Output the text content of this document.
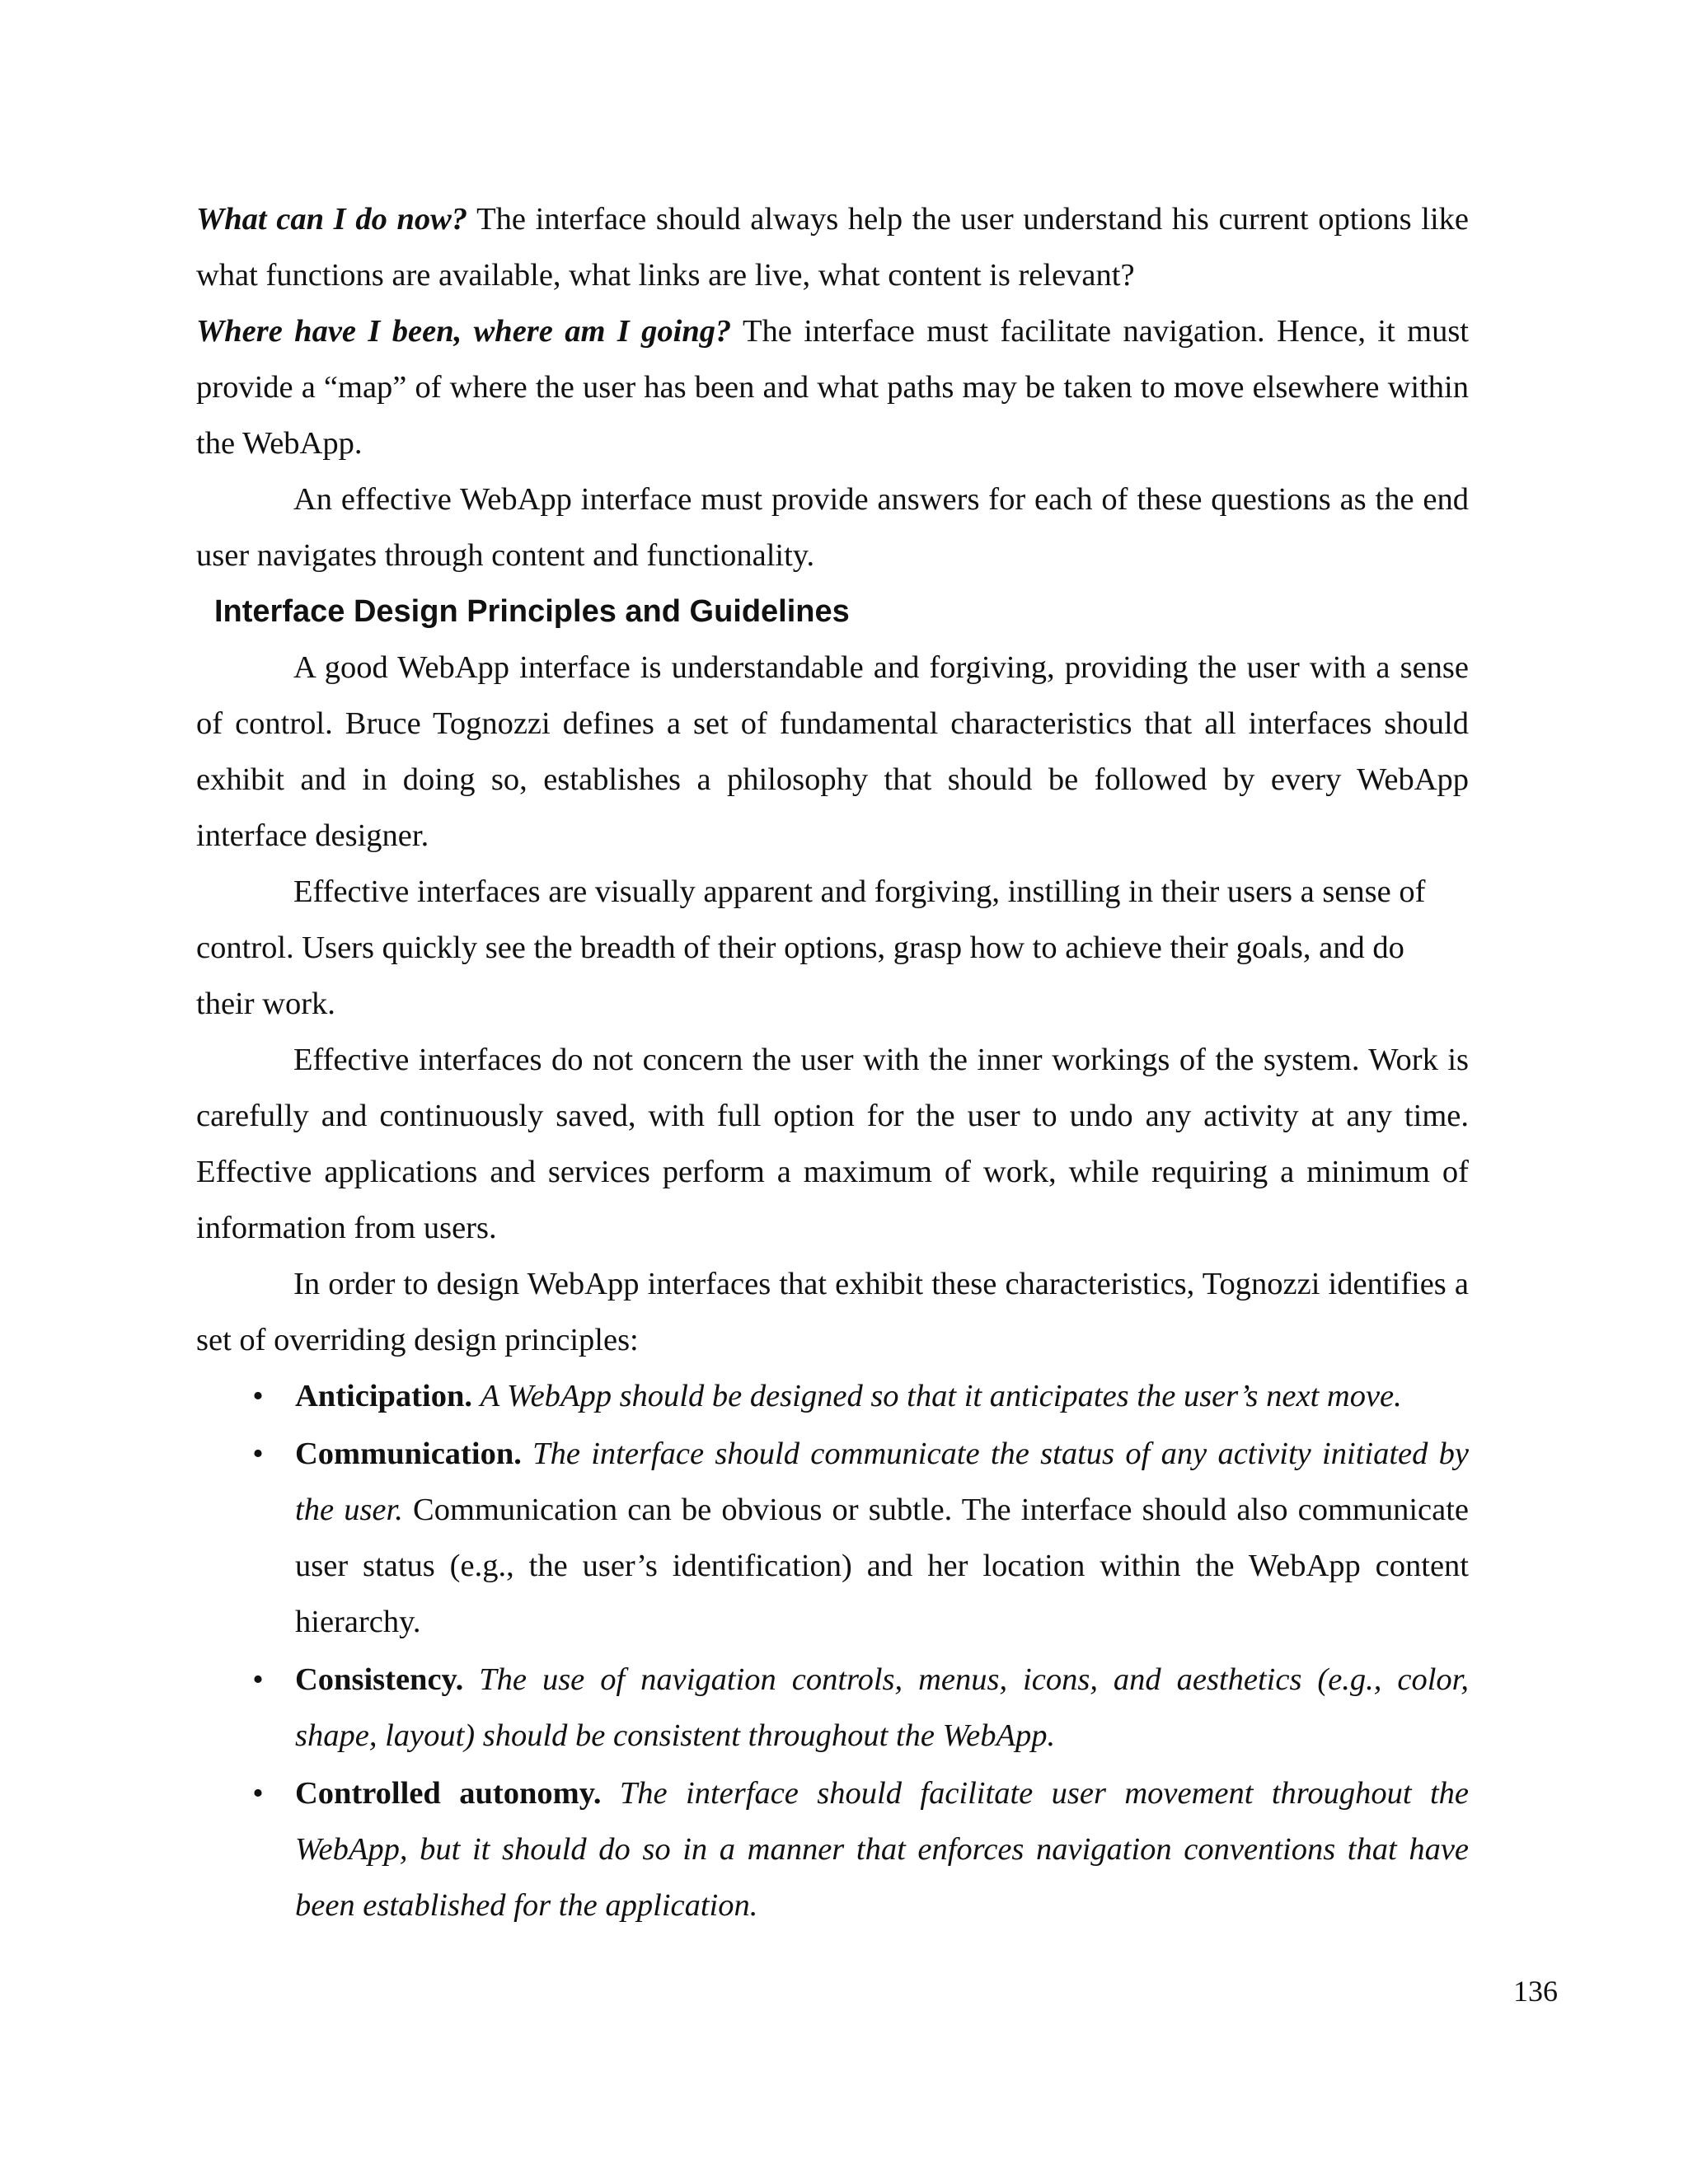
What can I do now? The interface should always help the user understand his current options like what functions are available, what links are live, what content is relevant?

Where have I been, where am I going? The interface must facilitate navigation. Hence, it must provide a “map” of where the user has been and what paths may be taken to move elsewhere within the WebApp.

An effective WebApp interface must provide answers for each of these questions as the end user navigates through content and functionality.

Interface Design Principles and Guidelines

A good WebApp interface is understandable and forgiving, providing the user with a sense of control. Bruce Tognozzi defines a set of fundamental characteristics that all interfaces should exhibit and in doing so, establishes a philosophy that should be followed by every WebApp interface designer.

Effective interfaces are visually apparent and forgiving, instilling in their users a sense of control. Users quickly see the breadth of their options, grasp how to achieve their goals, and do their work.

Effective interfaces do not concern the user with the inner workings of the system. Work is carefully and continuously saved, with full option for the user to undo any activity at any time. Effective applications and services perform a maximum of work, while requiring a minimum of information from users.

In order to design WebApp interfaces that exhibit these characteristics, Tognozzi identifies a set of overriding design principles:

• Anticipation. A WebApp should be designed so that it anticipates the user’s next move.
• Communication. The interface should communicate the status of any activity initiated by the user. Communication can be obvious or subtle. The interface should also communicate user status (e.g., the user’s identification) and her location within the WebApp content hierarchy.
• Consistency. The use of navigation controls, menus, icons, and aesthetics (e.g., color, shape, layout) should be consistent throughout the WebApp.
• Controlled autonomy. The interface should facilitate user movement throughout the WebApp, but it should do so in a manner that enforces navigation conventions that have been established for the application.
136
